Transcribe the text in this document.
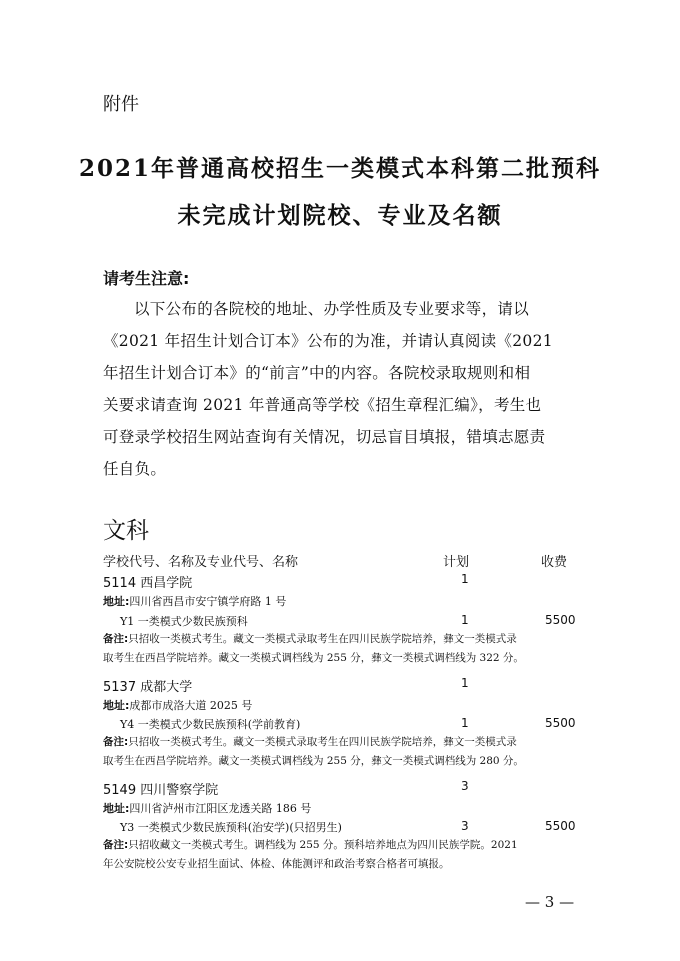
附件
2021年普通高校招生一类模式本科第二批预科
未完成计划院校、专业及名额
请考生注意:
以下公布的各院校的地址、办学性质及专业要求等，请以
《2021 年招生计划合订本》公布的为准，并请认真阅读《2021
年招生计划合订本》的“前言”中的内容。各院校录取规则和相
关要求请查询 2021 年普通高等学校《招生章程汇编》，考生也
可登录学校招生网站查询有关情况，切忌盲目填报，错填志愿责
任自负。
文科
学校代号、名称及专业代号、名称	计划	收费
5114 西昌学院	1
地址:四川省西昌市安宁镇学府路 1 号
Y1 一类模式少数民族预科	1	5500
备注:只招收一类模式考生。藏文一类模式录取考生在四川民族学院培养，彝文一类模式录
取考生在西昌学院培养。藏文一类模式调档线为 255 分，彝文一类模式调档线为 322 分。
5137 成都大学	1
地址:成都市成洛大道 2025 号
Y4 一类模式少数民族预科(学前教育)	1	5500
备注:只招收一类模式考生。藏文一类模式录取考生在四川民族学院培养，彝文一类模式录
取考生在西昌学院培养。藏文一类模式调档线为 255 分，彝文一类模式调档线为 280 分。
5149 四川警察学院	3
地址:四川省泸州市江阳区龙透关路 186 号
Y3 一类模式少数民族预科(治安学)(只招男生)	3	5500
备注:只招收藏文一类模式考生。调档线为 255 分。预科培养地点为四川民族学院。2021
年公安院校公安专业招生面试、体检、体能测评和政治考察合格者可填报。
— 3 —
